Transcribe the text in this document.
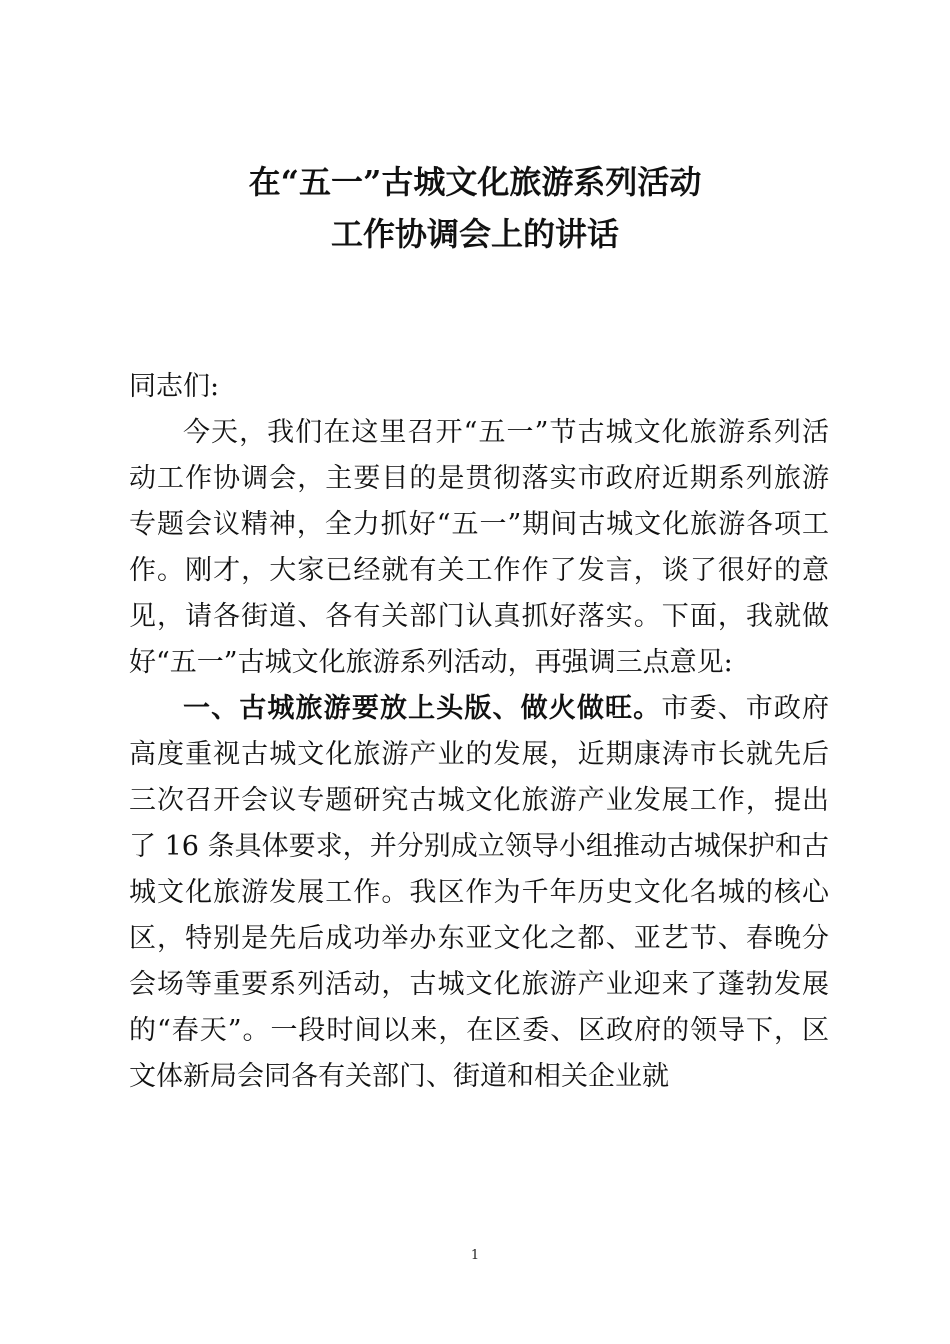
在“五一”古城文化旅游系列活动
工作协调会上的讲话

同志们:

今天，我们在这里召开“五一”节古城文化旅游系列活动工作协调会，主要目的是贯彻落实市政府近期系列旅游专题会议精神，全力抓好“五一”期间古城文化旅游各项工作。刚才，大家已经就有关工作作了发言，谈了很好的意见，请各街道、各有关部门认真抓好落实。下面，我就做好“五一”古城文化旅游系列活动，再强调三点意见:

一、古城旅游要放上头版、做火做旺。市委、市政府高度重视古城文化旅游产业的发展，近期康涛市长就先后三次召开会议专题研究古城文化旅游产业发展工作，提出了 16 条具体要求，并分别成立领导小组推动古城保护和古城文化旅游发展工作。我区作为千年历史文化名城的核心区，特别是先后成功举办东亚文化之都、亚艺节、春晚分会场等重要系列活动，古城文化旅游产业迎来了蓬勃发展的“春天”。一段时间以来，在区委、区政府的领导下，区文体新局会同各有关部门、街道和相关企业就

1
